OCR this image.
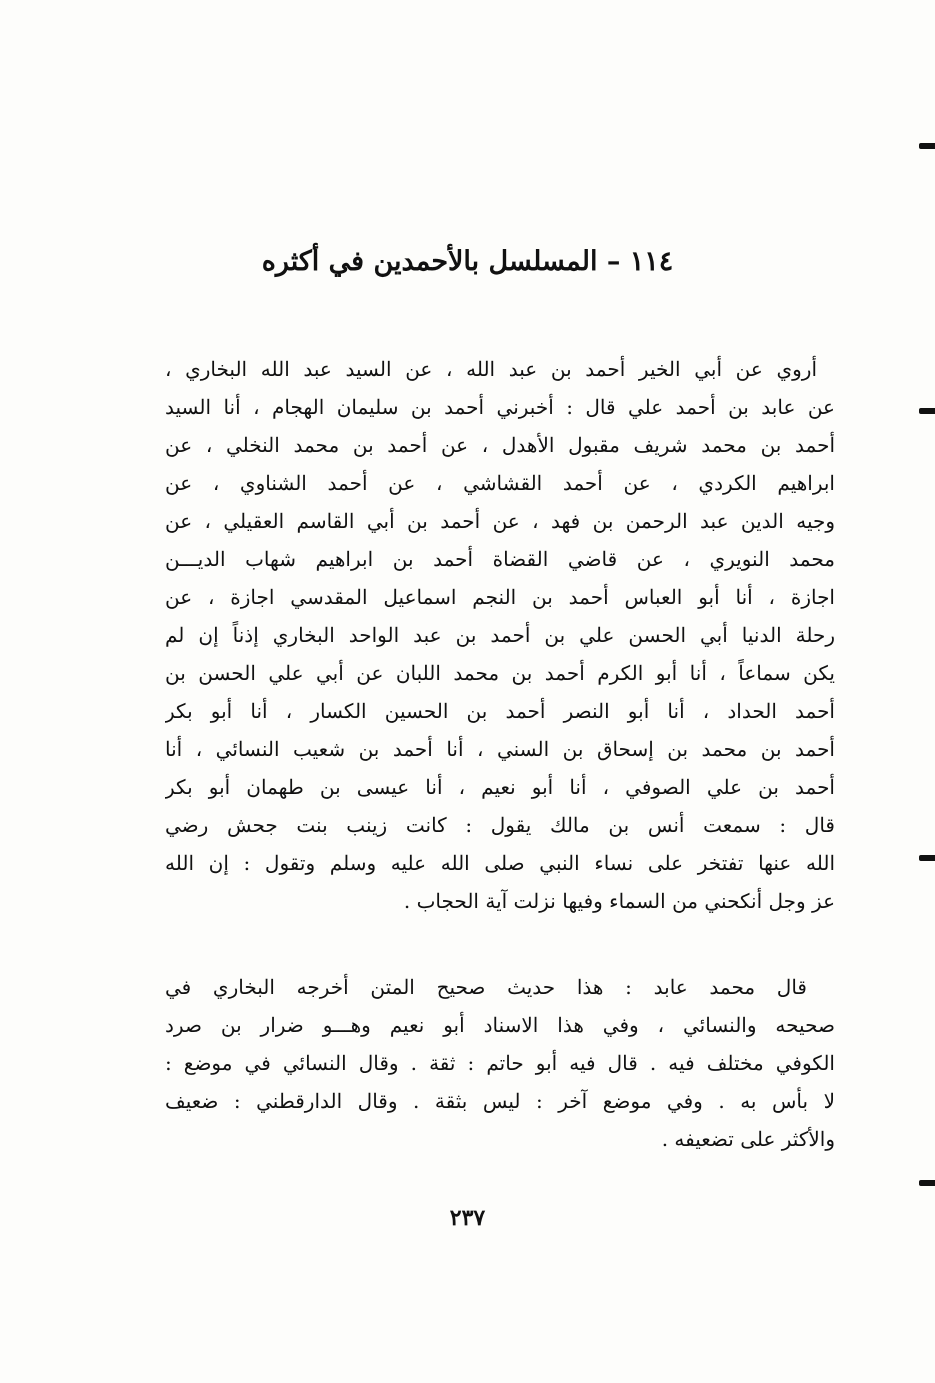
١١٤ – المسلسل بالأحمدين في أكثره
أروي عن أبي الخير أحمد بن عبد الله ، عن السيد عبد الله البخاري ،
عن عابد بن أحمد علي قال : أخبرني أحمد بن سليمان الهجام ، أنا السيد
أحمد بن محمد شريف مقبول الأهدل ، عن أحمد بن محمد النخلي ، عن
ابراهيم الكردي ، عن أحمد القشاشي ، عن أحمد الشناوي ، عن
وجيه الدين عبد الرحمن بن فهد ، عن أحمد بن أبي القاسم العقيلي ، عن
محمد النويري ، عن قاضي القضاة أحمد بن ابراهيم شهاب الديـــن
اجازة ، أنا أبو العباس أحمد بن النجم اسماعيل المقدسي اجازة ، عن
رحلة الدنيا أبي الحسن علي بن أحمد بن عبد الواحد البخاري إذناً إن لم
يكن سماعاً ، أنا أبو الكرم أحمد بن محمد اللبان عن أبي علي الحسن بن
أحمد الحداد ، أنا أبو النصر أحمد بن الحسين الكسار ، أنا أبو بكر
أحمد بن محمد بن إسحاق بن السني ، أنا أحمد بن شعيب النسائي ، أنا
أحمد بن علي الصوفي ، أنا أبو نعيم ، أنا عيسى بن طهمان أبو بكر
قال : سمعت أنس بن مالك يقول : كانت زينب بنت جحش رضي
الله عنها تفتخر على نساء النبي صلى الله عليه وسلم وتقول : إن الله
عز وجل أنكحني من السماء وفيها نزلت آية الحجاب .
قال محمد عابد : هذا حديث صحيح المتن أخرجه البخاري في
صحيحه والنسائي ، وفي هذا الاسناد أبو نعيم وهـــو ضرار بن صرد
الكوفي مختلف فيه . قال فيه أبو حاتم : ثقة . وقال النسائي في موضع :
لا بأس به . وفي موضع آخر : ليس بثقة . وقال الدارقطني : ضعيف
والأكثر على تضعيفه .
٢٣٧
